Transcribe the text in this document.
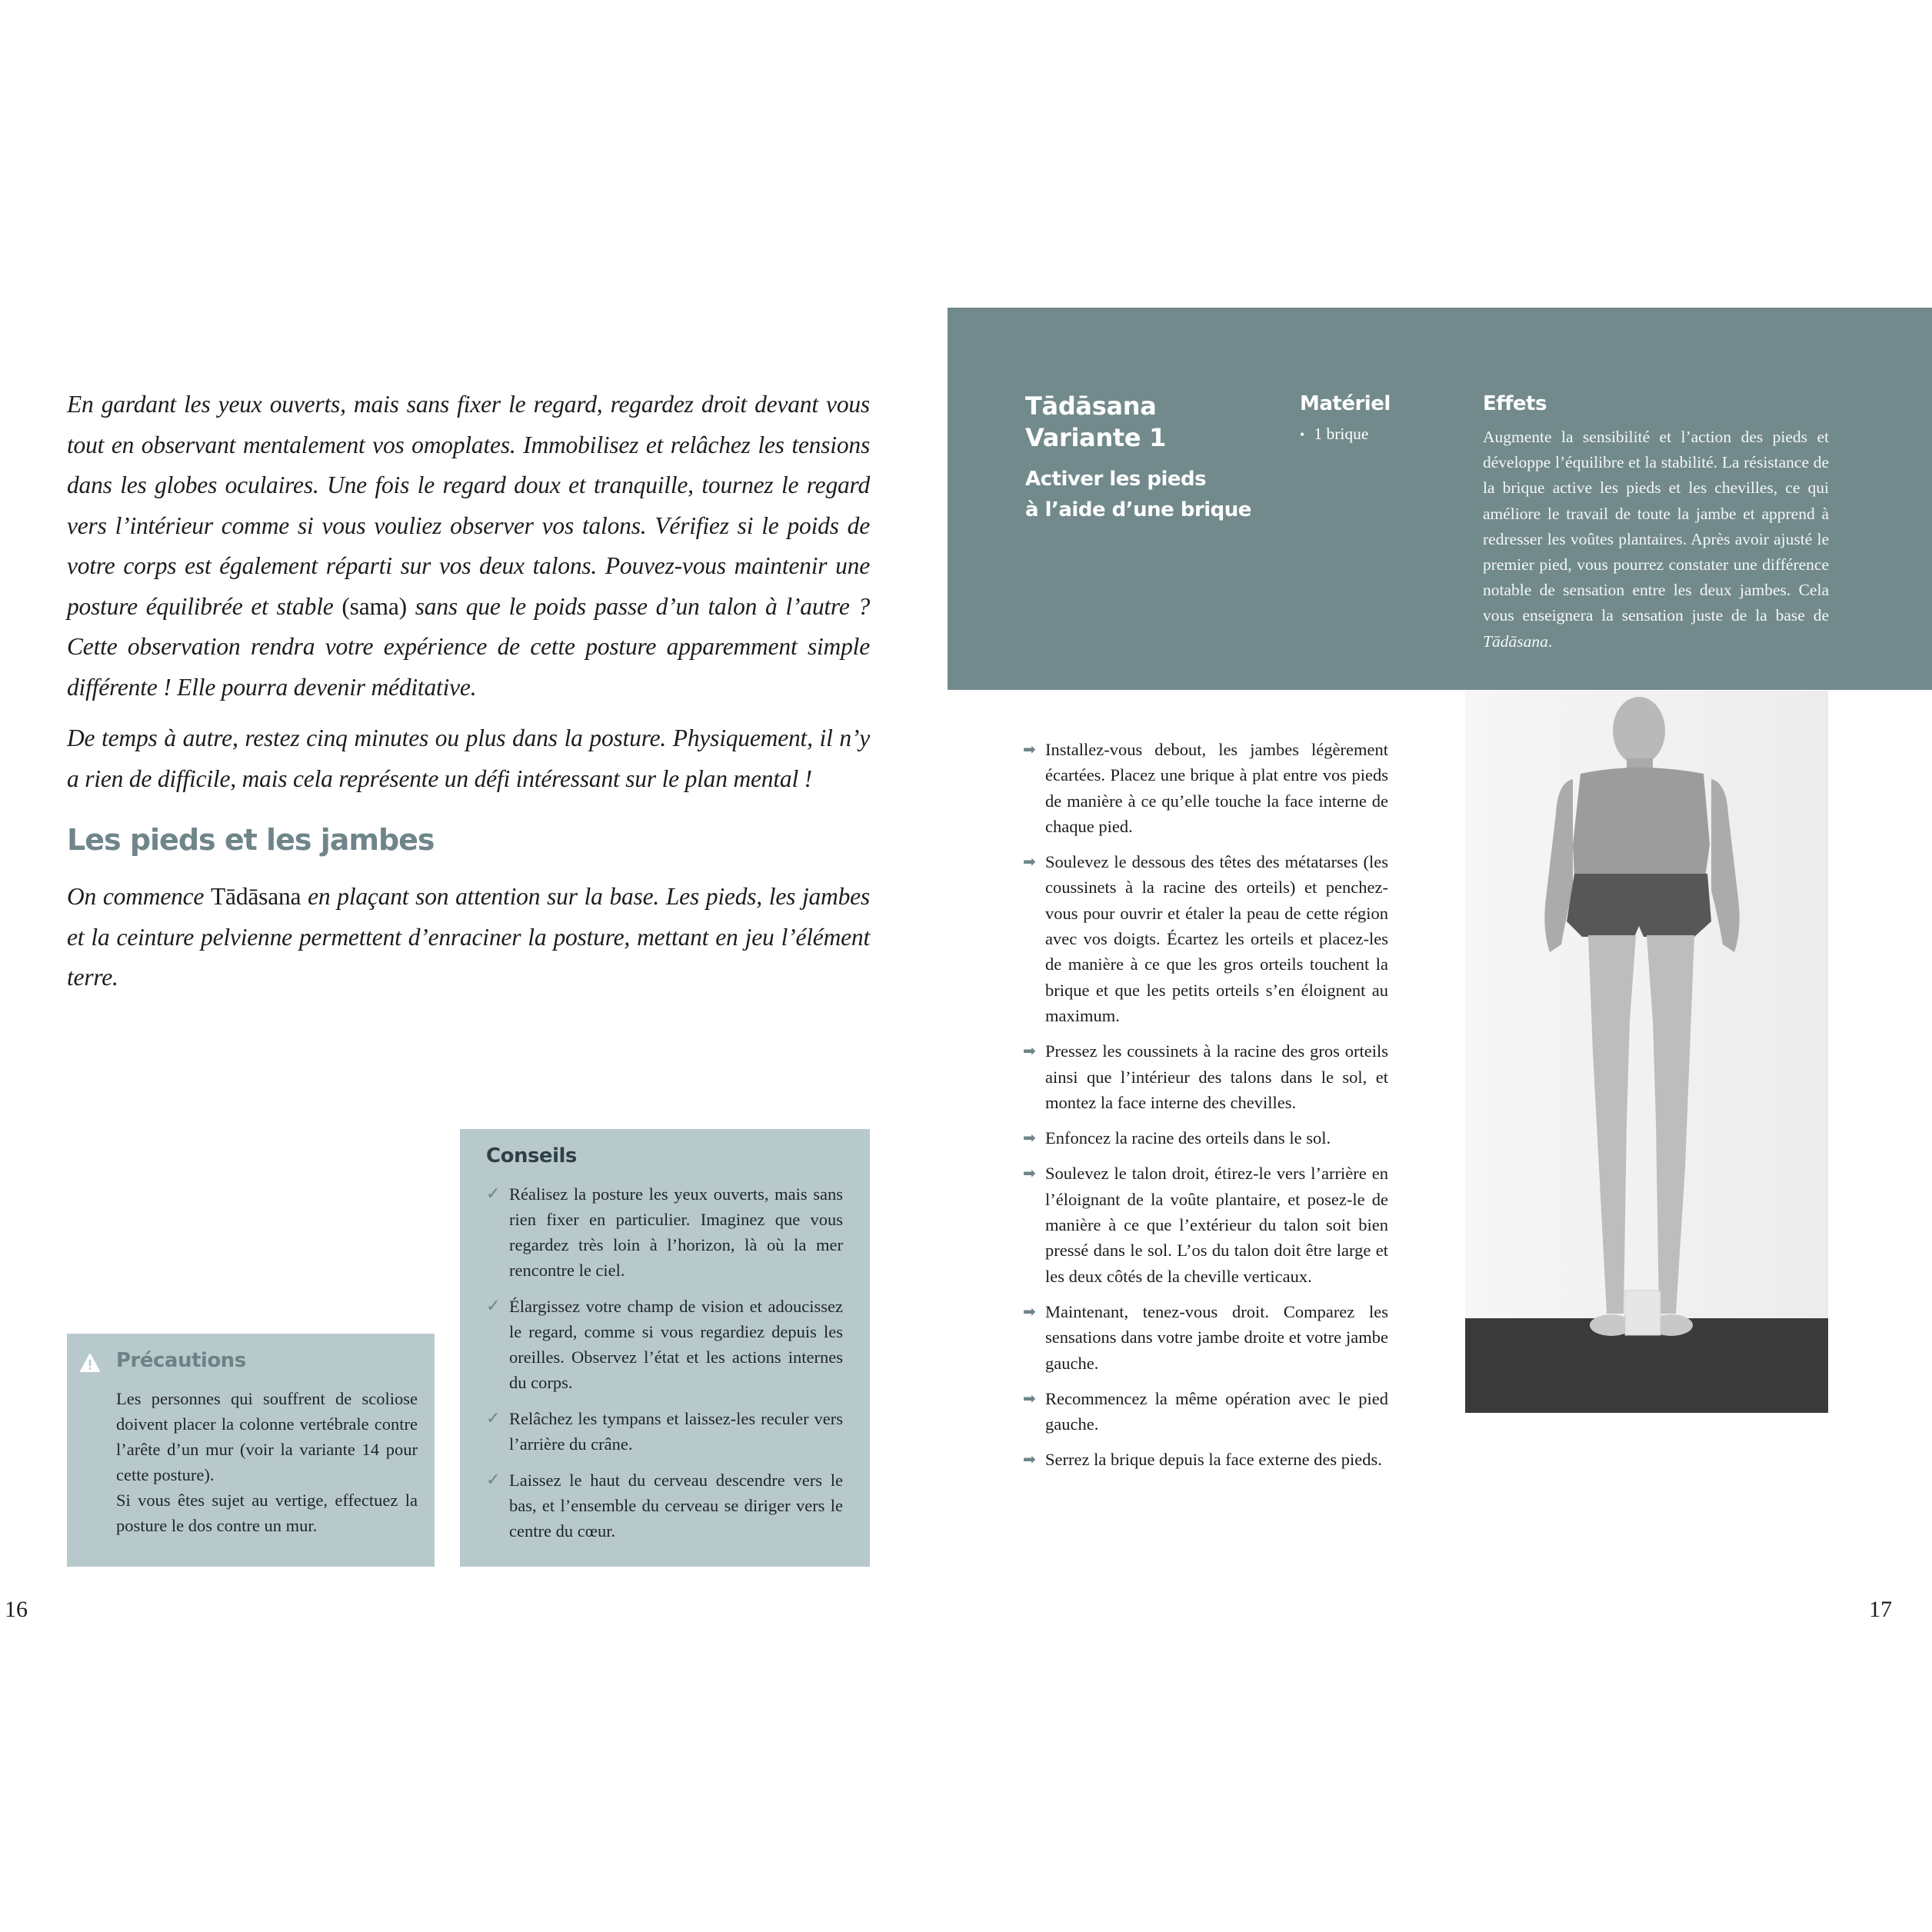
En gardant les yeux ouverts, mais sans fixer le regard, regardez droit devant vous tout en observant mentalement vos omoplates. Immobilisez et relâchez les tensions dans les globes oculaires. Une fois le regard doux et tranquille, tournez le regard vers l’intérieur comme si vous vouliez observer vos talons. Vérifiez si le poids de votre corps est également réparti sur vos deux talons. Pouvez-vous maintenir une posture équilibrée et stable (sama) sans que le poids passe d’un talon à l’autre ? Cette observation rendra votre expérience de cette posture apparemment simple différente ! Elle pourra devenir méditative.

De temps à autre, restez cinq minutes ou plus dans la posture. Physiquement, il n’y a rien de difficile, mais cela représente un défi intéressant sur le plan mental !

Les pieds et les jambes

On commence Tādāsana en plaçant son attention sur la base. Les pieds, les jambes et la ceinture pelvienne permettent d’enraciner la posture, mettant en jeu l’élément terre.

Précautions
Les personnes qui souffrent de scoliose doivent placer la colonne vertébrale contre l’arête d’un mur (voir la variante 14 pour cette posture).
Si vous êtes sujet au vertige, effectuez la posture le dos contre un mur.
Conseils
✓ Réalisez la posture les yeux ouverts, mais sans rien fixer en particulier. Imaginez que vous regardez très loin à l’horizon, là où la mer rencontre le ciel.
✓ Élargissez votre champ de vision et adoucissez le regard, comme si vous regardiez depuis les oreilles. Observez l’état et les actions internes du corps.
✓ Relâchez les tympans et laissez-les reculer vers l’arrière du crâne.
✓ Laissez le haut du cerveau descendre vers le bas, et l’ensemble du cerveau se diriger vers le centre du cœur.
16
Tādāsana
Variante 1
Activer les pieds
à l’aide d’une brique
Matériel
• 1 brique
Effets
Augmente la sensibilité et l’action des pieds et développe l’équilibre et la stabilité. La résistance de la brique active les pieds et les chevilles, ce qui améliore le travail de toute la jambe et apprend à redresser les voûtes plantaires. Après avoir ajusté le premier pied, vous pourrez constater une différence notable de sensation entre les deux jambes. Cela vous enseignera la sensation juste de la base de Tādāsana.
➡ Installez-vous debout, les jambes légèrement écartées. Placez une brique à plat entre vos pieds de manière à ce qu’elle touche la face interne de chaque pied.
➡ Soulevez le dessous des têtes des métatarses (les coussinets à la racine des orteils) et penchez-vous pour ouvrir et étaler la peau de cette région avec vos doigts. Écartez les orteils et placez-les de manière à ce que les gros orteils touchent la brique et que les petits orteils s’en éloignent au maximum.
➡ Pressez les coussinets à la racine des gros orteils ainsi que l’intérieur des talons dans le sol, et montez la face interne des chevilles.
➡ Enfoncez la racine des orteils dans le sol.
➡ Soulevez le talon droit, étirez-le vers l’arrière en l’éloignant de la voûte plantaire, et posez-le de manière à ce que l’extérieur du talon soit bien pressé dans le sol. L’os du talon doit être large et les deux côtés de la cheville verticaux.
➡ Maintenant, tenez-vous droit. Comparez les sensations dans votre jambe droite et votre jambe gauche.
➡ Recommencez la même opération avec le pied gauche.
➡ Serrez la brique depuis la face externe des pieds.
17
